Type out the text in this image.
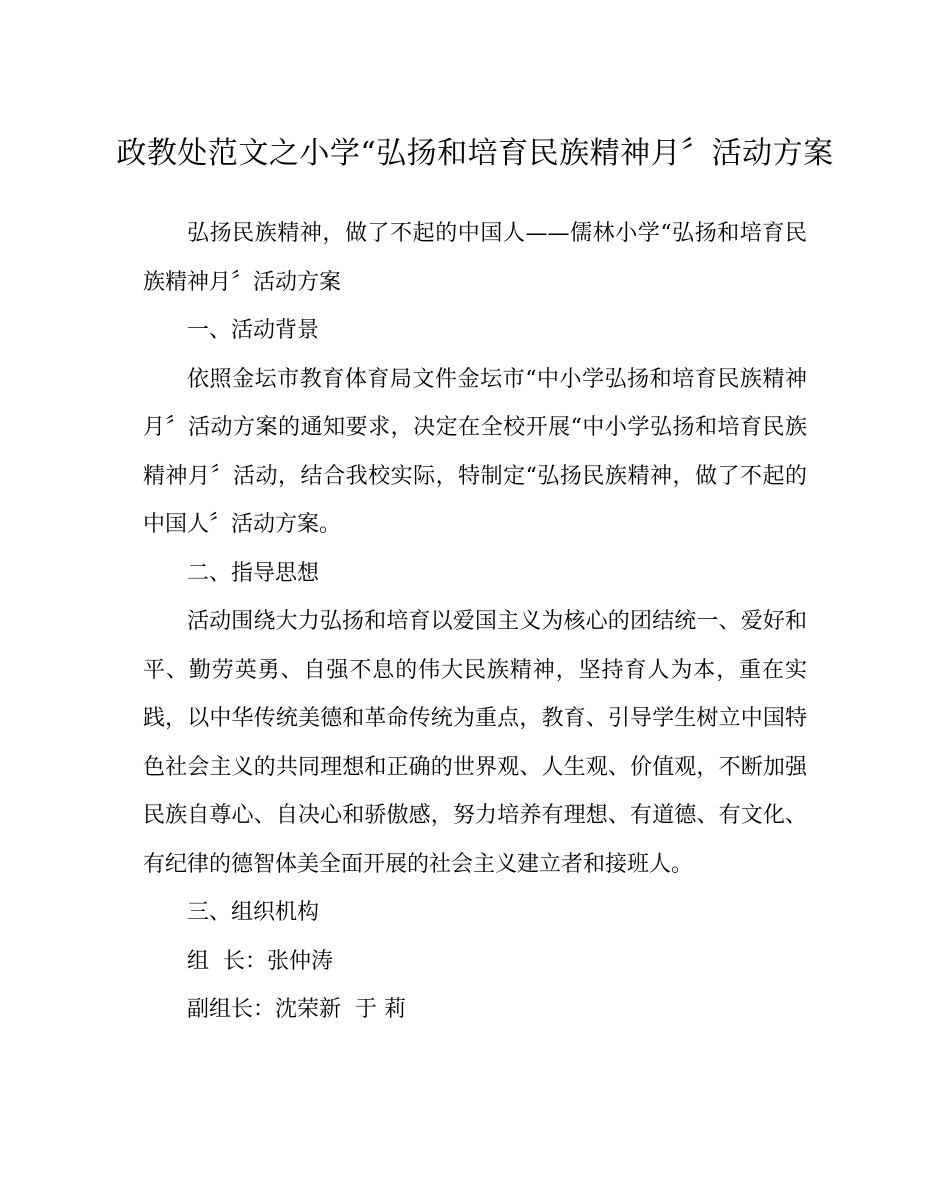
政教处范文之小学“弘扬和培育民族精神月〞活动方案

弘扬民族精神，做了不起的中国人——儒林小学“弘扬和培育民族精神月〞活动方案

一、活动背景

依照金坛市教育体育局文件金坛市“中小学弘扬和培育民族精神月〞活动方案的通知要求，决定在全校开展“中小学弘扬和培育民族精神月〞活动，结合我校实际，特制定“弘扬民族精神，做了不起的中国人〞活动方案。

二、指导思想

活动围绕大力弘扬和培育以爱国主义为核心的团结统一、爱好和平、勤劳英勇、自强不息的伟大民族精神，坚持育人为本，重在实践，以中华传统美德和革命传统为重点，教育、引导学生树立中国特色社会主义的共同理想和正确的世界观、人生观、价值观，不断加强民族自尊心、自决心和骄傲感，努力培养有理想、有道德、有文化、有纪律的德智体美全面开展的社会主义建立者和接班人。

三、组织机构

组  长：张仲涛

副组长：沈荣新  于 莉
